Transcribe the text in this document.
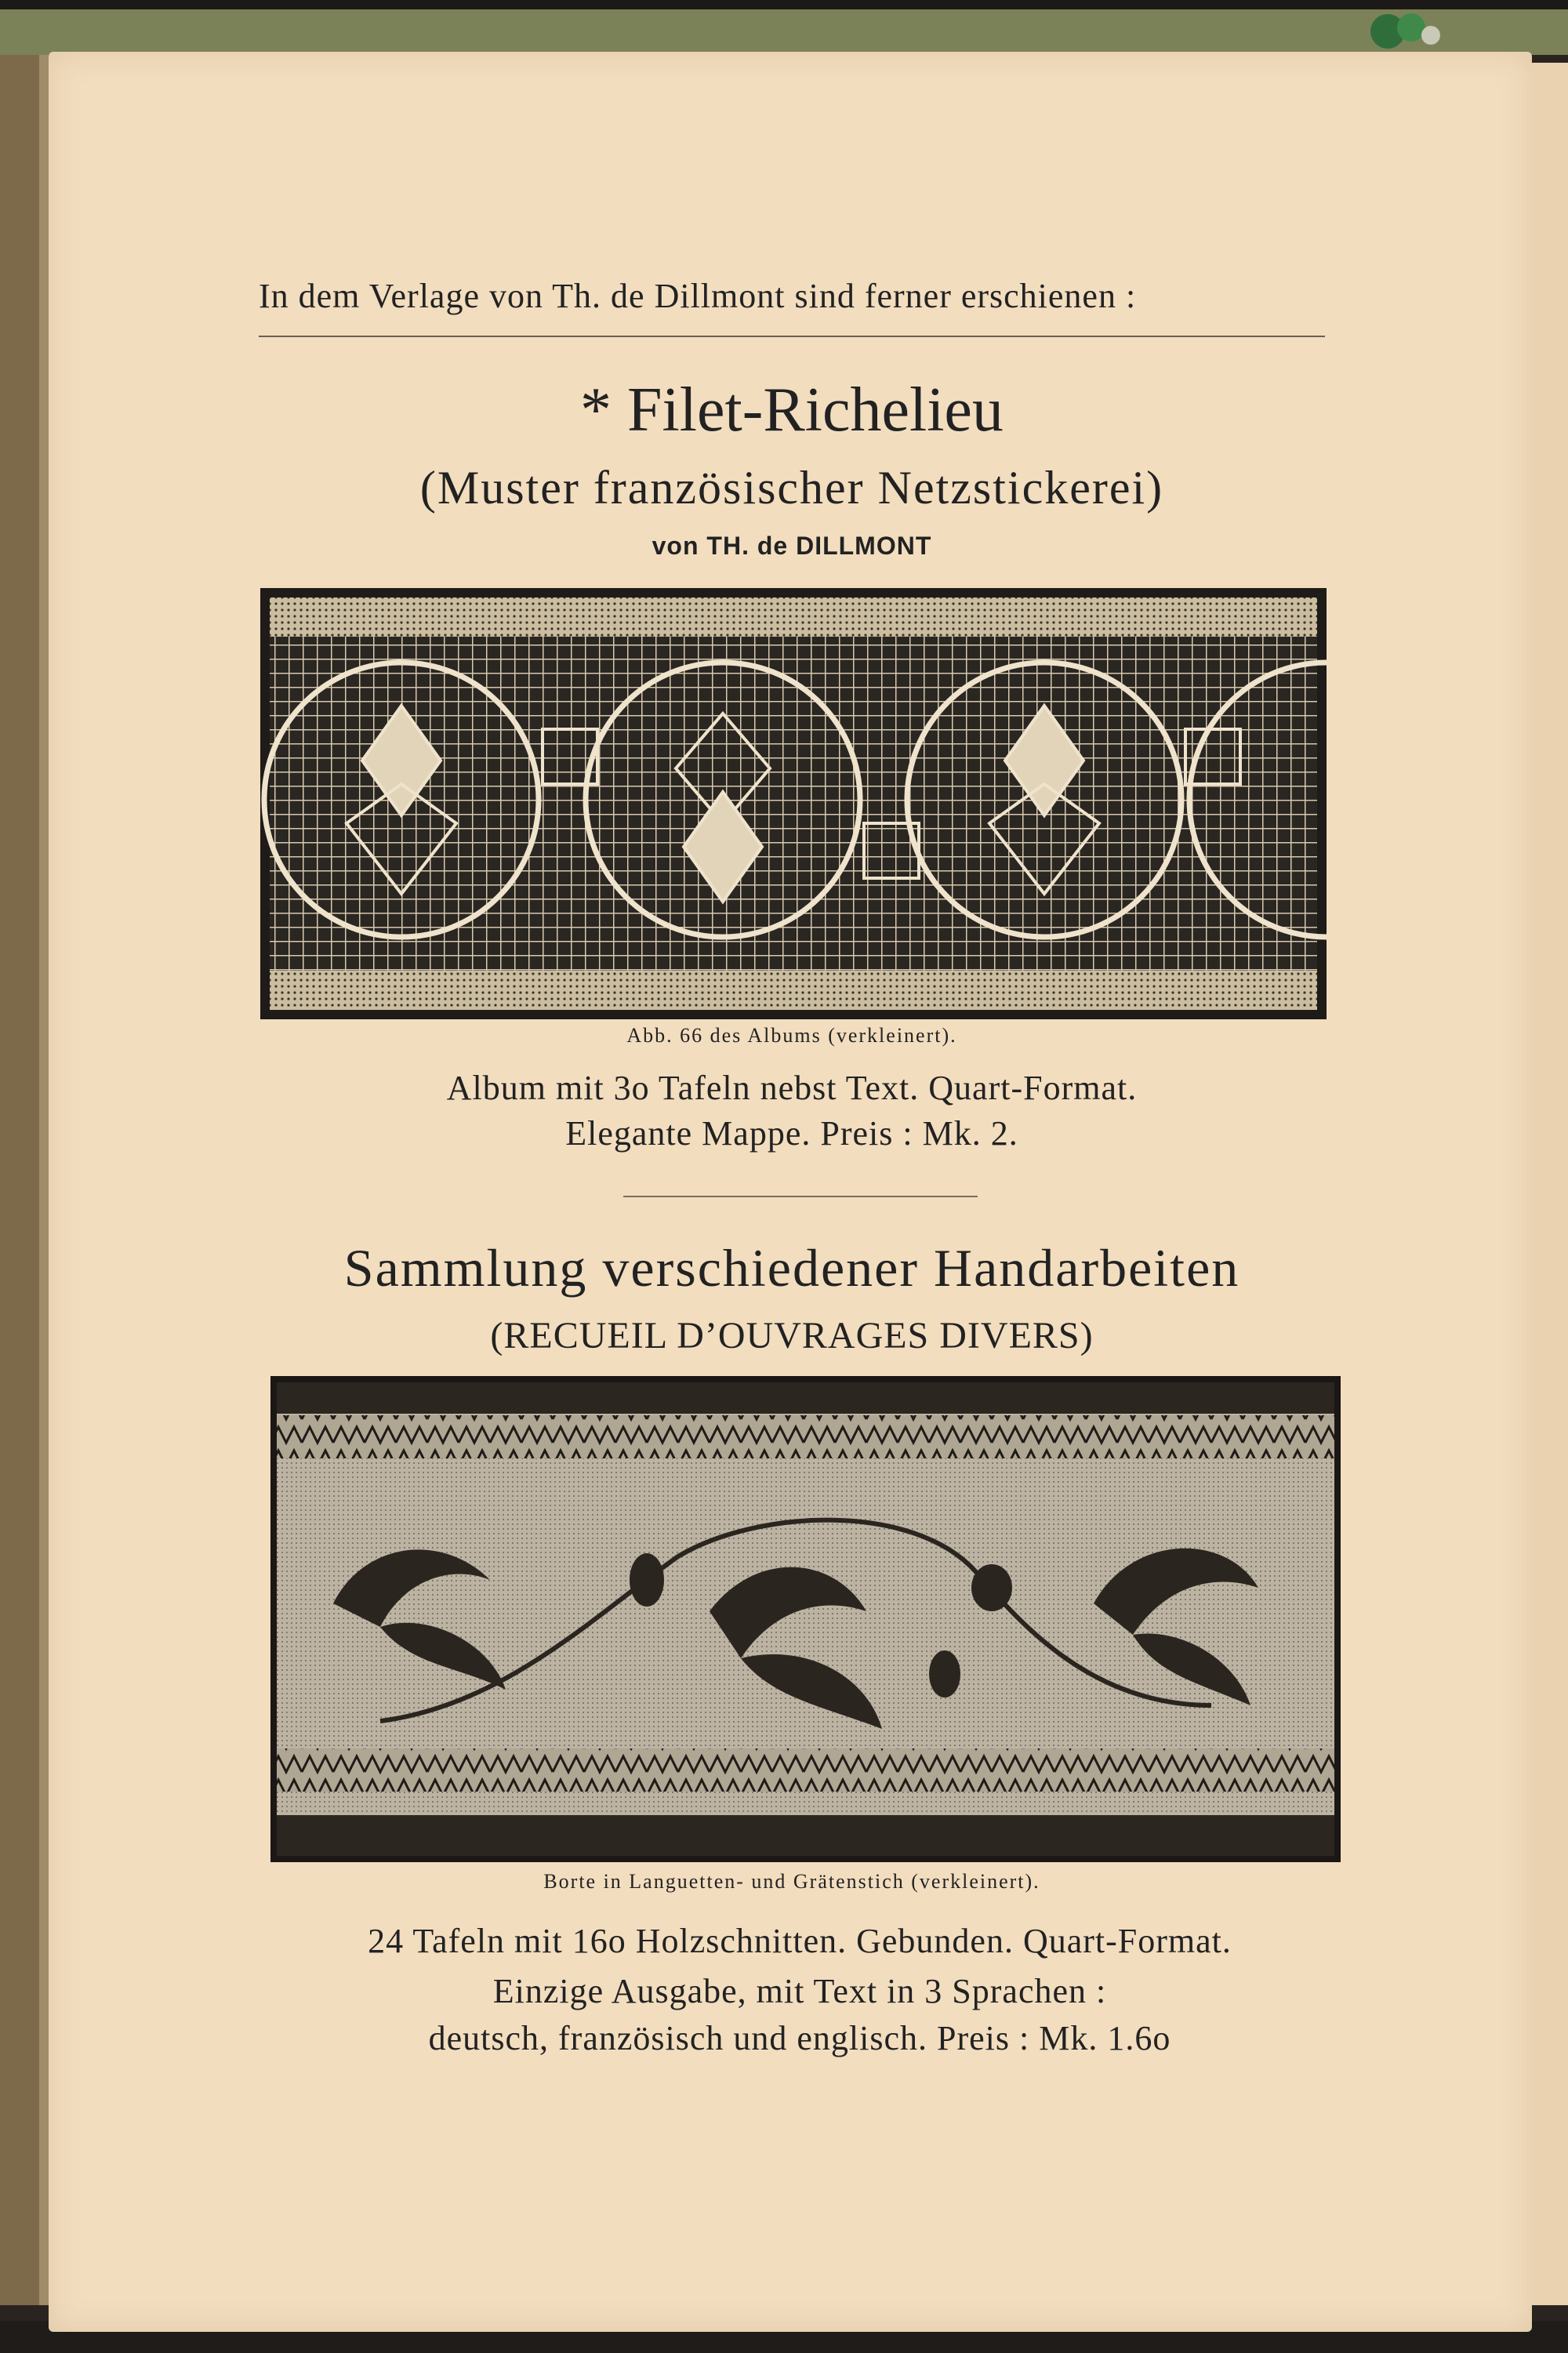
In dem Verlage von Th. de Dillmont sind ferner erschienen :
* Filet-Richelieu
(Muster französischer Netzstickerei)
von TH. de DILLMONT
Abb. 66 des Albums (verkleinert).
Album mit 3o Tafeln nebst Text. Quart-Format.
Elegante Mappe. Preis : Mk. 2.
Sammlung verschiedener Handarbeiten
(RECUEIL D’OUVRAGES DIVERS)
Borte in Languetten- und Grätenstich (verkleinert).
24 Tafeln mit 16o Holzschnitten. Gebunden. Quart-Format.
Einzige Ausgabe, mit Text in 3 Sprachen :
deutsch, französisch und englisch. Preis : Mk. 1.6o
